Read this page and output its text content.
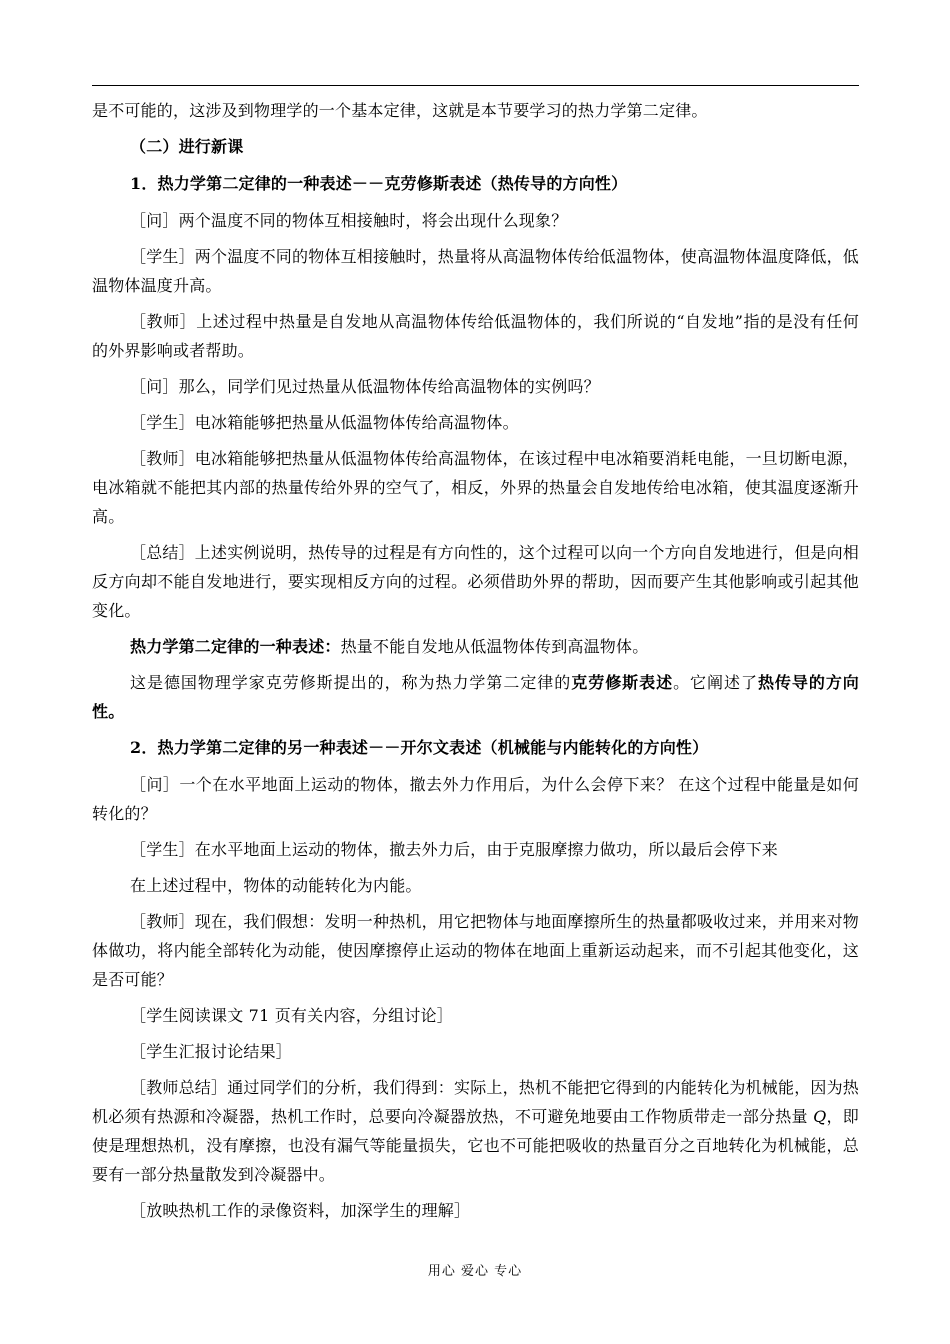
是不可能的，这涉及到物理学的一个基本定律，这就是本节要学习的热力学第二定律。

（二）进行新课

1．热力学第二定律的一种表述－－克劳修斯表述（热传导的方向性）

［问］两个温度不同的物体互相接触时，将会出现什么现象？

［学生］两个温度不同的物体互相接触时，热量将从高温物体传给低温物体，使高温物体温度降低，低温物体温度升高。

［教师］上述过程中热量是自发地从高温物体传给低温物体的，我们所说的“自发地”指的是没有任何的外界影响或者帮助。

［问］那么，同学们见过热量从低温物体传给高温物体的实例吗？

［学生］电冰箱能够把热量从低温物体传给高温物体。

［教师］电冰箱能够把热量从低温物体传给高温物体，在该过程中电冰箱要消耗电能，一旦切断电源，电冰箱就不能把其内部的热量传给外界的空气了，相反，外界的热量会自发地传给电冰箱，使其温度逐渐升高。

［总结］上述实例说明，热传导的过程是有方向性的，这个过程可以向一个方向自发地进行，但是向相反方向却不能自发地进行，要实现相反方向的过程。必须借助外界的帮助，因而要产生其他影响或引起其他变化。

热力学第二定律的一种表述：热量不能自发地从低温物体传到高温物体。

这是德国物理学家克劳修斯提出的，称为热力学第二定律的克劳修斯表述。它阐述了热传导的方向性。

2．热力学第二定律的另一种表述－－开尔文表述（机械能与内能转化的方向性）

［问］一个在水平地面上运动的物体，撤去外力作用后，为什么会停下来？ 在这个过程中能量是如何转化的？

［学生］在水平地面上运动的物体，撤去外力后，由于克服摩擦力做功，所以最后会停下来

在上述过程中，物体的动能转化为内能。

［教师］现在，我们假想：发明一种热机，用它把物体与地面摩擦所生的热量都吸收过来，并用来对物体做功，将内能全部转化为动能，使因摩擦停止运动的物体在地面上重新运动起来，而不引起其他变化，这是否可能？

［学生阅读课文 71 页有关内容，分组讨论］

［学生汇报讨论结果］

［教师总结］通过同学们的分析，我们得到：实际上，热机不能把它得到的内能转化为机械能，因为热机必须有热源和冷凝器，热机工作时，总要向冷凝器放热，不可避免地要由工作物质带走一部分热量 Q，即使是理想热机，没有摩擦，也没有漏气等能量损失，它也不可能把吸收的热量百分之百地转化为机械能，总要有一部分热量散发到冷凝器中。

［放映热机工作的录像资料，加深学生的理解］

用心 爱心 专心
